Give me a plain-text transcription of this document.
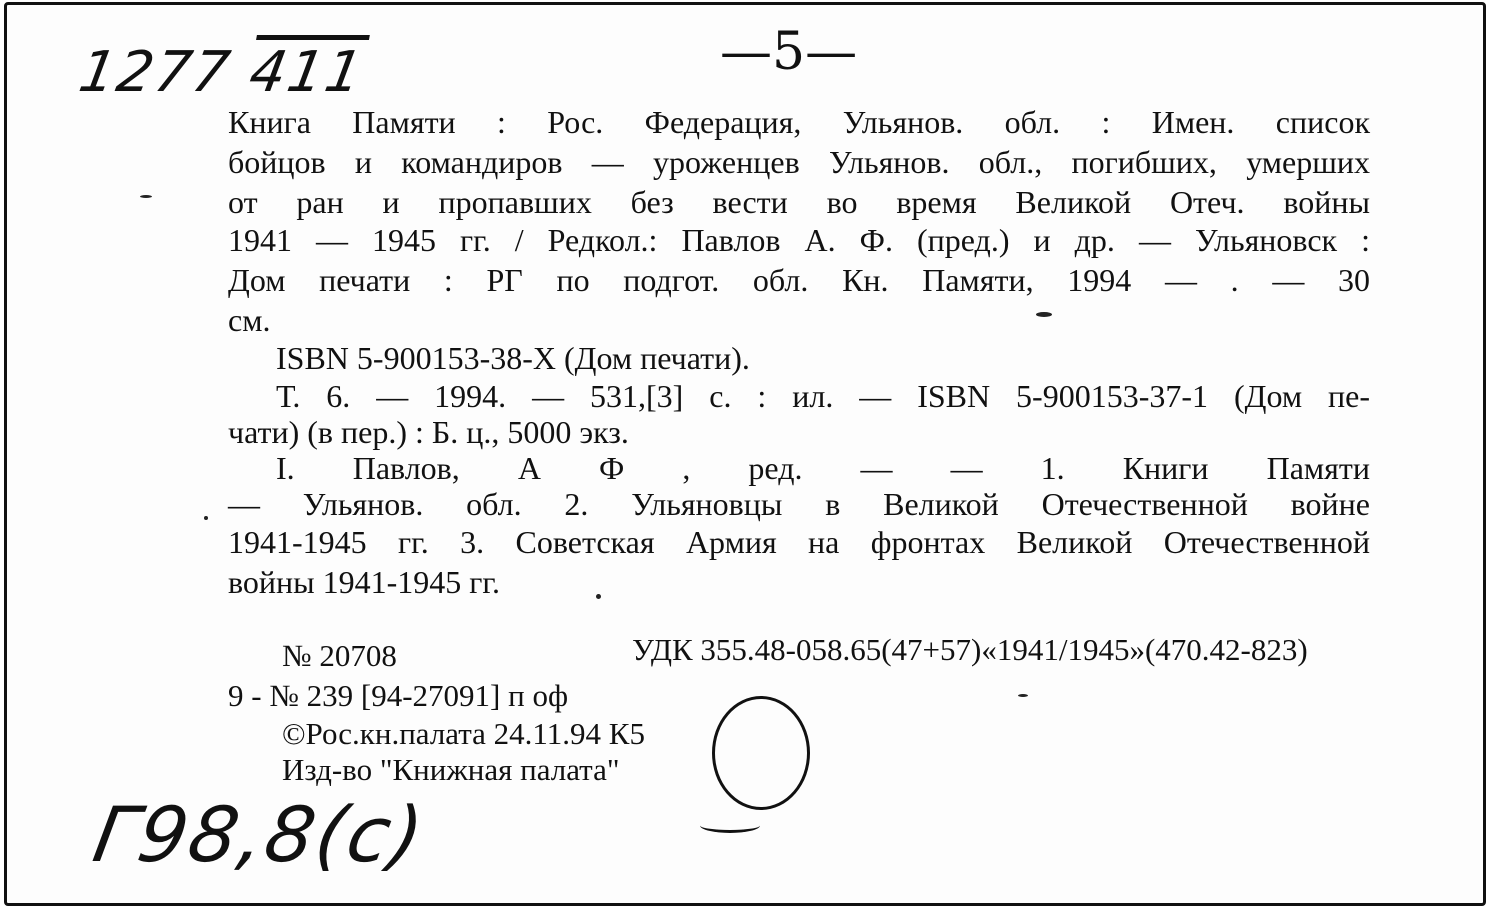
1277 411	—5—
Книга Памяти : Рос. Федерация, Ульянов. обл. : Имен. список
бойцов и командиров — уроженцев Ульянов. обл., погибших, умерших
от ран и пропавших без вести во время Великой Отеч. войны
1941 — 1945 гг. / Редкол.: Павлов А. Ф. (пред.) и др. — Ульяновск :
Дом печати : РГ по подгот. обл. Кн. Памяти, 1994 — . — 30
см.
ISBN 5-900153-38-X (Дом печати).
Т. 6. — 1994. — 531,[3] с. : ил. — ISBN 5-900153-37-1 (Дом пе-
чати) (в пер.) : Б. ц., 5000 экз.
I. Павлов, А Ф , ред. — — 1. Книги Памяти
— Ульянов. обл. 2. Ульяновцы в Великой Отечественной войне
1941-1945 гг. 3. Советская Армия на фронтах Великой Отечественной
войны 1941-1945 гг.
№ 20708	УДК 355.48-058.65(47+57)«1941/1945»(470.42-823)
9 - № 239 [94-27091] п оф
©Рос.кн.палата 24.11.94 К5
Изд-во "Книжная палата"
Г98,8(с)
